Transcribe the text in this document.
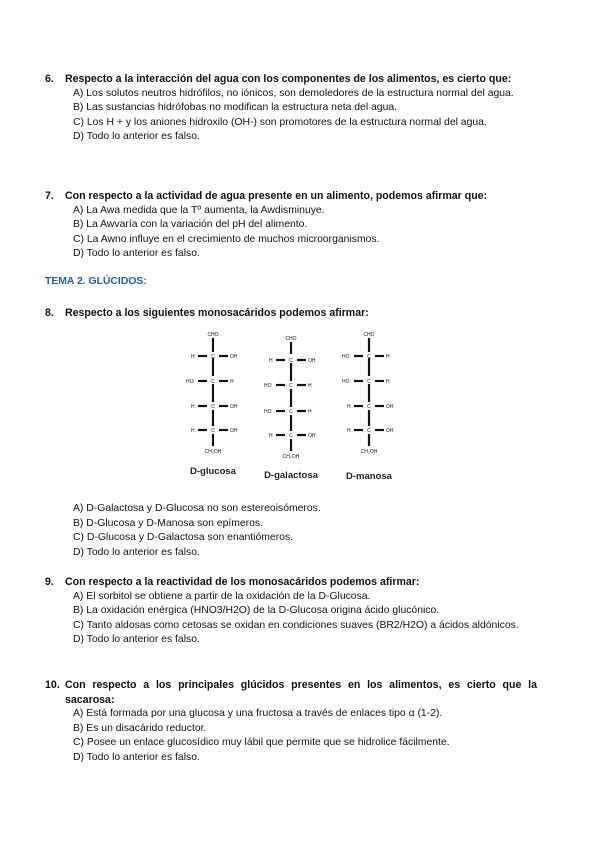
6.	Respecto a la interacción del agua con los componentes de los alimentos, es cierto que:
A) Los solutos neutros hidrófilos, no iónicos, son demoledores de la estructura normal del agua.
B) Las sustancias hidrófobas no modifican la estructura neta del agua.
C) Los H + y los aniones hidroxilo (OH-) son promotores de la estructura normal del agua.
D) Todo lo anterior es falso.
7.	Con respecto a la actividad de agua presente en un alimento, podemos afirmar que:
A) La Awa medida que la Tº aumenta, la Awdisminuye.
B) La Awvaría con la variación del pH del alimento.
C) La Awno influye en el crecimiento de muchos microorganismos.
D) Todo lo anterior es falso.
TEMA 2. GLÚCIDOS:
8.	Respecto a los siguientes monosacáridos podemos afirmar:
CHO
C
H	OH
C
HO	H
C
H	OH
C
H	OH
CH₂OH
CHO
C
H	OH
C
HO	H
C
HO	H
C
H	OH
CH₂OH
CHO
C
HO	H
C
HO	H
C
H	OH
C
H	OH
CH₂OH
D-glucosa	D-galactosa	D-manosa
A) D-Galactosa y D-Glucosa no son estereoisómeros.
B) D-Glucosa y D-Manosa son epímeros.
C) D-Glucosa y D-Galactosa son enantiómeros.
D) Todo lo anterior es falso.
9.	Con respecto a la reactividad de los monosacáridos podemos afirmar:
A) El sorbitol se obtiene a partir de la oxidación de la D-Glucosa.
B) La oxidación enérgica (HNO3/H2O) de la D-Glucosa origina ácido glucónico.
C) Tanto aldosas como cetosas se oxidan en condiciones suaves (BR2/H2O) a ácidos aldónicos.
D) Todo lo anterior es falso.
10. Con respecto a los principales glúcidos presentes en los alimentos, es cierto que la sacarosa:
A) Está formada por una glucosa y una fructosa a través de enlaces tipo α (1-2).
B) Es un disacárido reductor.
C) Posee un enlace glucosídico muy lábil que permite que se hidrolice fácilmente.
D) Todo lo anterior es falso.
